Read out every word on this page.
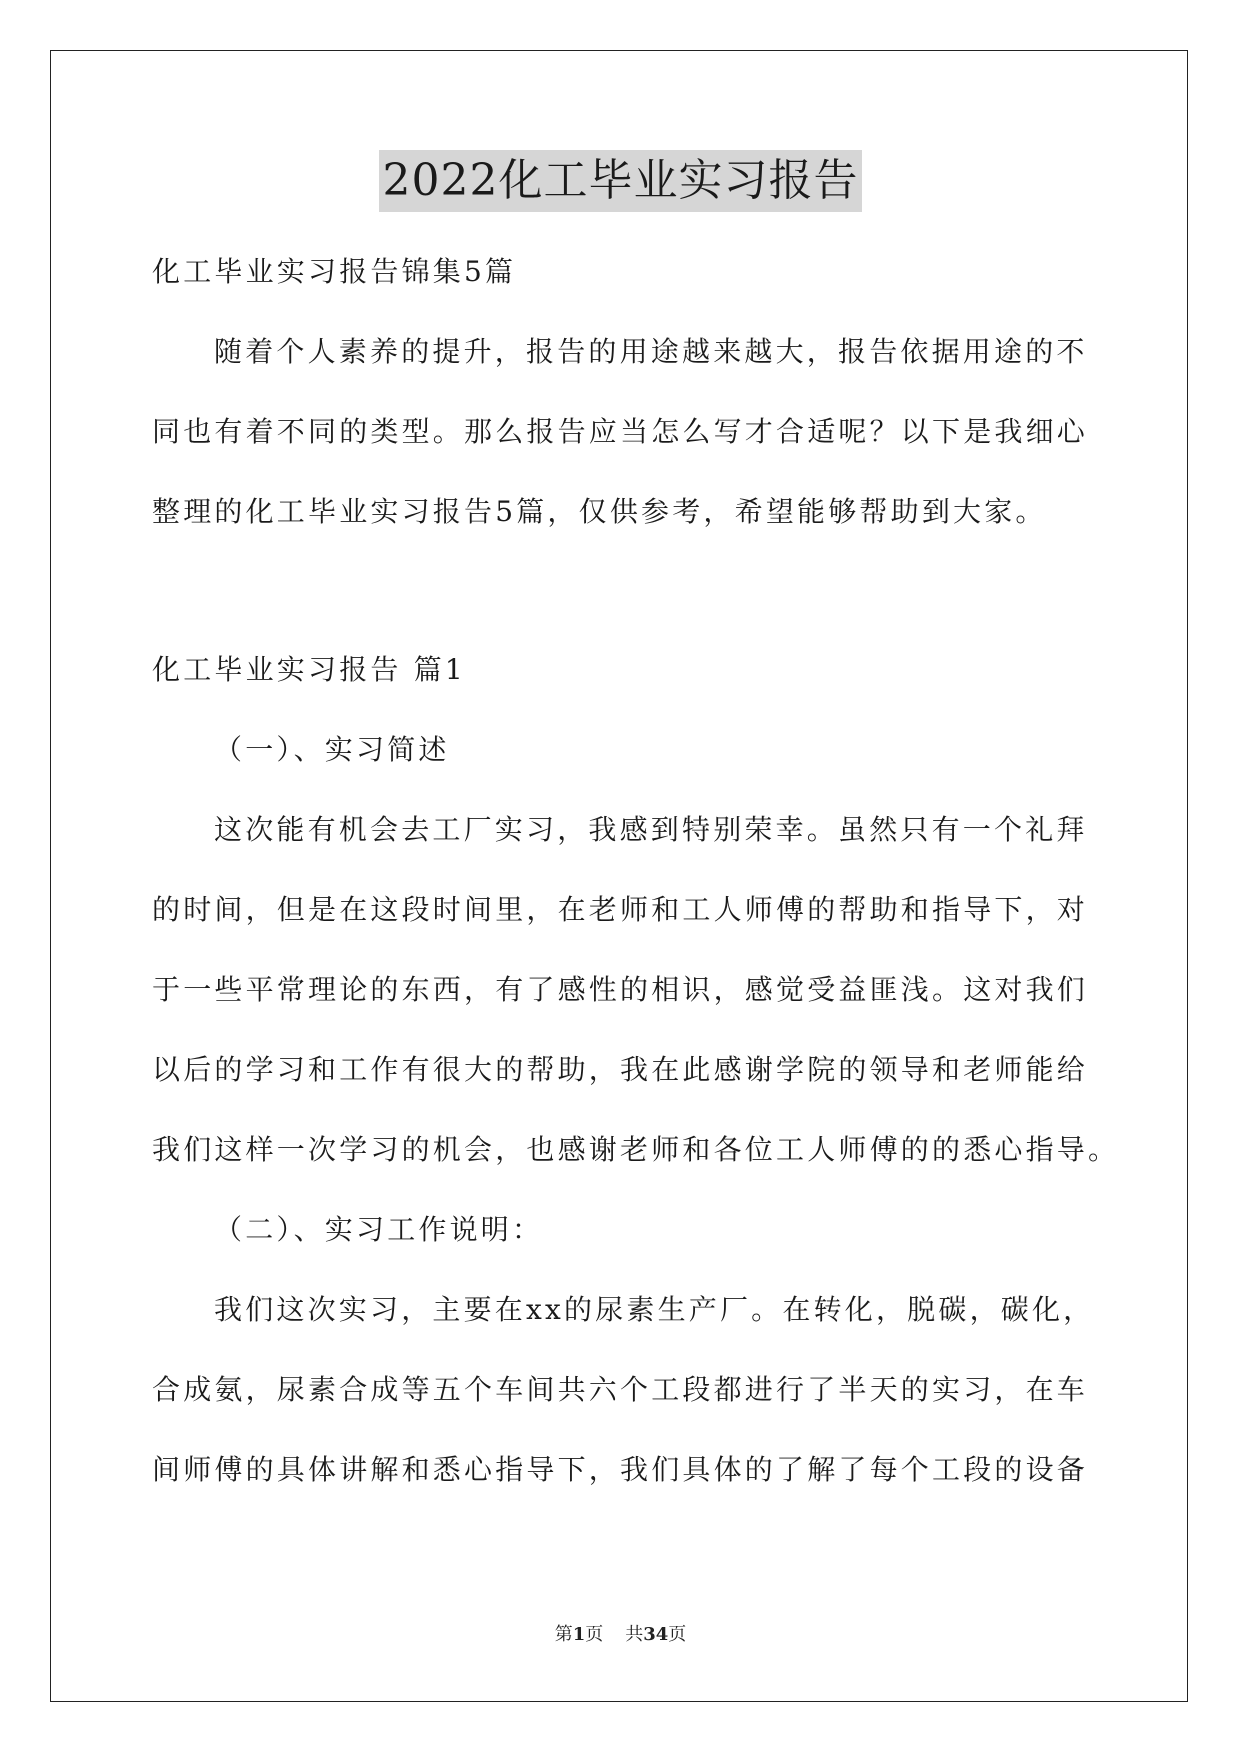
2022化工毕业实习报告
化工毕业实习报告锦集5篇
随着个人素养的提升，报告的用途越来越大，报告依据用途的不
同也有着不同的类型。那么报告应当怎么写才合适呢？以下是我细心
整理的化工毕业实习报告5篇，仅供参考，希望能够帮助到大家。
化工毕业实习报告 篇1
（一）、实习简述
这次能有机会去工厂实习，我感到特别荣幸。虽然只有一个礼拜
的时间，但是在这段时间里，在老师和工人师傅的帮助和指导下，对
于一些平常理论的东西，有了感性的相识，感觉受益匪浅。这对我们
以后的学习和工作有很大的帮助，我在此感谢学院的领导和老师能给
我们这样一次学习的机会，也感谢老师和各位工人师傅的的悉心指导。
（二）、实习工作说明：
我们这次实习，主要在xx的尿素生产厂。在转化，脱碳，碳化，
合成氨，尿素合成等五个车间共六个工段都进行了半天的实习，在车
间师傅的具体讲解和悉心指导下，我们具体的了解了每个工段的设备
第1页 共34页
